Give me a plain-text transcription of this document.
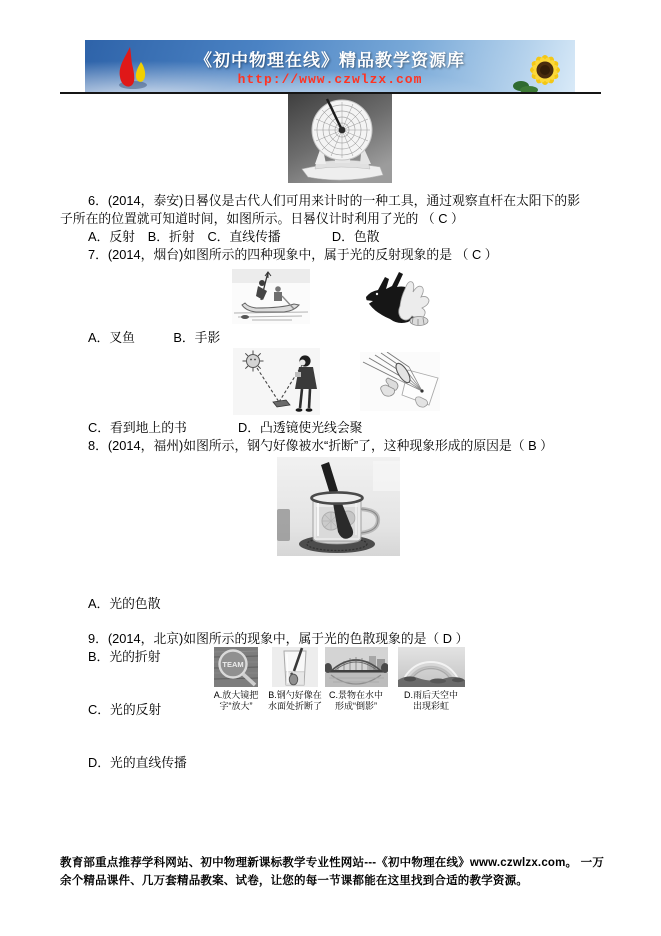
《初中物理在线》精品教学资源库
http://www.czwlzx.com
6．(2014，泰安)日晷仪是古代人们可用来计时的一种工具，通过观察直杆在太阳下的影子所在的位置就可知道时间，如图所示。日晷仪计时利用了光的 （ C ）
A．反射　B．折射　C．直线传播　　　　D．色散
7．(2014，烟台)如图所示的四种现象中，属于光的反射现象的是 （ C ）
A．叉鱼　　　B．手影
C．看到地上的书　　　　D．凸透镜使光线会聚
8．(2014，福州)如图所示，钢勺好像被水“折断”了，这种现象形成的原因是（ B ）

A．光的色散

B．光的折射

C．光的反射

D．光的直线传播

9．(2014，北京)如图所示的现象中，属于光的色散现象的是（ D ）
TEAM
A.放大镜把
字“放大”
B.钢勺好像在
水面处折断了
C.景物在水中
形成“倒影”
D.雨后天空中
出现彩虹
教育部重点推荐学科网站、初中物理新课标教学专业性网站---《初中物理在线》www.czwlzx.com。 一万余个精品课件、几万套精品教案、试卷，让您的每一节课都能在这里找到合适的教学资源。
